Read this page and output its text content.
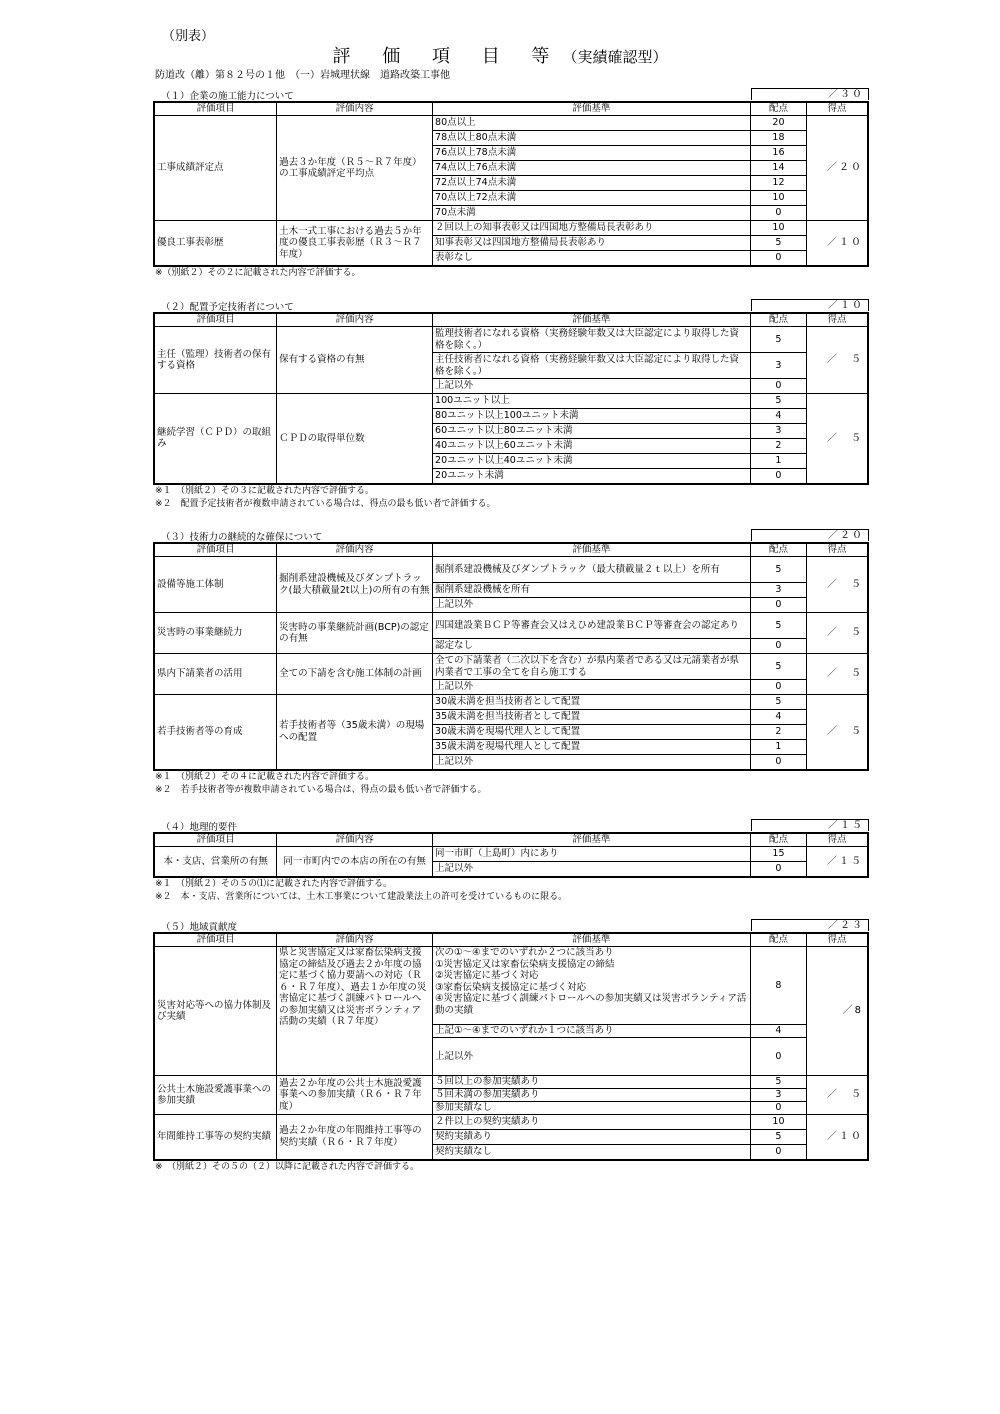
（別表）
評 価 項 目 等（実績確認型）
防道改（離）第８２号の１他　（一）岩城理状線　道路改築工事他
（１）企業の施工能力について	／３０
評価項目	評価内容	評価基準	配点	得点
工事成績評定点	過去３か年度（Ｒ５～Ｒ７年度）の工事成績評定平均点	80点以上	20	／２０
		78点以上80点未満	18	
		76点以上78点未満	16	
		74点以上76点未満	14	
		72点以上74点未満	12	
		70点以上72点未満	10	
		70点未満	0	
優良工事表彰歴	土木一式工事における過去５か年度の優良工事表彰歴（Ｒ３～Ｒ７年度）	２回以上の知事表彰又は四国地方整備局長表彰あり	10	／１０
		知事表彰又は四国地方整備局長表彰あり	5	
		表彰なし	0	
※（別紙２）その２に記載された内容で評価する。
（２）配置予定技術者について	／１０
評価項目	評価内容	評価基準	配点	得点
主任（監理）技術者の保有する資格	保有する資格の有無	監理技術者になれる資格（実務経験年数又は大臣認定により取得した資格を除く。）	5	／　５
		主任技術者になれる資格（実務経験年数又は大臣認定により取得した資格を除く。）	3	
		上記以外	0	
継続学習（ＣＰＤ）の取組み	ＣＰＤの取得単位数	100ユニット以上	5	／　５
		80ユニット以上100ユニット未満	4	
		60ユニット以上80ユニット未満	3	
		40ユニット以上60ユニット未満	2	
		20ユニット以上40ユニット未満	1	
		20ユニット未満	0	
※１　（別紙２）その３に記載された内容で評価する。
※２　配置予定技術者が複数申請されている場合は、得点の最も低い者で評価する。
（３）技術力の継続的な確保について	／２０
評価項目	評価内容	評価基準	配点	得点
設備等施工体制	掘削系建設機械及びダンプトラック(最大積載量2t以上)の所有の有無	掘削系建設機械及びダンプトラック（最大積載量２ｔ以上）を所有	5	／　５
		掘削系建設機械を所有	3	
		上記以外	0	
災害時の事業継続力	災害時の事業継続計画(BCP)の認定の有無	四国建設業ＢＣＰ等審査会又はえひめ建設業ＢＣＰ等審査会の認定あり	5	／　５
		認定なし	0	
県内下請業者の活用	全ての下請を含む施工体制の計画	全ての下請業者（二次以下を含む）が県内業者である又は元請業者が県内業者で工事の全てを自ら施工する	5	／　５
		上記以外	0	
若手技術者等の育成	若手技術者等（35歳未満）の現場への配置	30歳未満を担当技術者として配置	5	／　５
		35歳未満を担当技術者として配置	4	
		30歳未満を現場代理人として配置	2	
		35歳未満を現場代理人として配置	1	
		上記以外	0	
※１　（別紙２）その４に記載された内容で評価する。
※２　若手技術者等が複数申請されている場合は、得点の最も低い者で評価する。
（４）地理的要件	／１５
評価項目	評価内容	評価基準	配点	得点
本・支店、営業所の有無	同一市町内での本店の所在の有無	同一市町（上島町）内にあり	15	／１５
		上記以外	0	
※１　（別紙２）その５の⑴に記載された内容で評価する。
※２　本・支店、営業所については、土木工事業について建設業法上の許可を受けているものに限る。
（５）地域貢献度	／２３
評価項目	評価内容	評価基準	配点	得点
災害対応等への協力体制及び実績	県と災害協定又は家畜伝染病支援協定の締結及び過去２か年度の協定に基づく協力要請への対応（Ｒ６・Ｒ７年度）、過去１か年度の災害協定に基づく訓練パトロールへの参加実績又は災害ボランティア活動の実績（Ｒ７年度）	次の①～④までのいずれか２つに該当あり
①災害協定又は家畜伝染病支援協定の締結
②災害協定に基づく対応
③家畜伝染病支援協定に基づく対応
④災害協定に基づく訓練パトロールへの参加実績又は災害ボランティア活動の実績	8	／8
		上記①～④までのいずれか１つに該当あり	4	
		上記以外	0	
公共土木施設愛護事業への参加実績	過去２か年度の公共土木施設愛護事業への参加実績（Ｒ６・Ｒ７年度）	５回以上の参加実績あり	5	／　５
		５回未満の参加実績あり	3	
		参加実績なし	0	
年間維持工事等の契約実績	過去２か年度の年間維持工事等の契約実績（Ｒ６・Ｒ７年度）	２件以上の契約実績あり	10	／１０
		契約実績あり	5	
		契約実績なし	0	
※　（別紙２）その５の（２）以降に記載された内容で評価する。
